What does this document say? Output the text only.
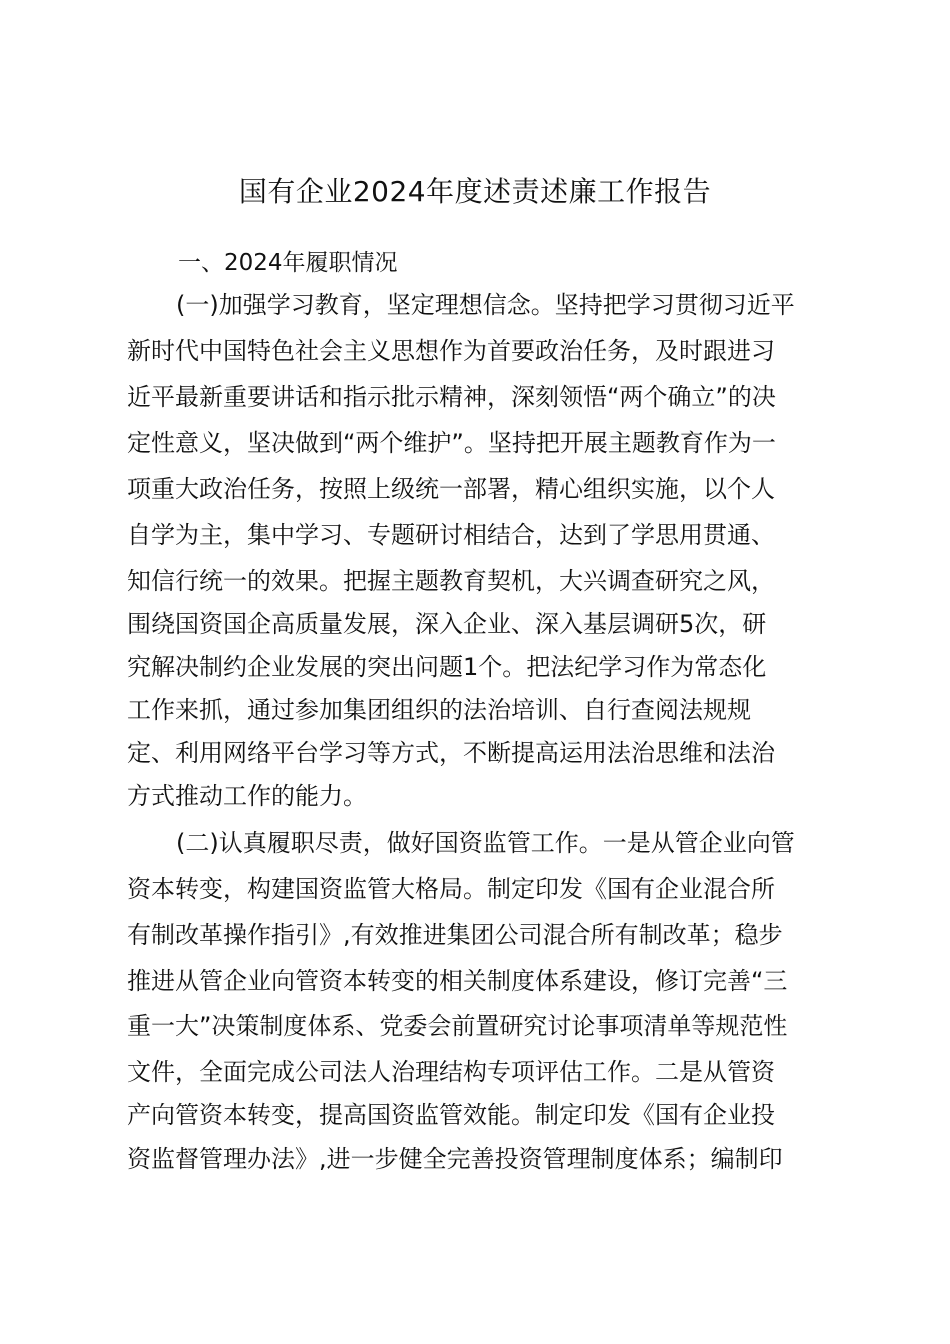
国有企业2024年度述责述廉工作报告
一、2024年履职情况

(一)加强学习教育，坚定理想信念。坚持把学习贯彻习近平

新时代中国特色社会主义思想作为首要政治任务，及时跟进习

近平最新重要讲话和指示批示精神，深刻领悟“两个确立”的决

定性意义，坚决做到“两个维护”。坚持把开展主题教育作为一

项重大政治任务，按照上级统一部署，精心组织实施，以个人

自学为主，集中学习、专题研讨相结合，达到了学思用贯通、

知信行统一的效果。把握主题教育契机，大兴调查研究之风，

围绕国资国企高质量发展，深入企业、深入基层调研5次，研

究解决制约企业发展的突出问题1个。把法纪学习作为常态化

工作来抓，通过参加集团组织的法治培训、自行查阅法规规

定、利用网络平台学习等方式，不断提高运用法治思维和法治

方式推动工作的能力。

(二)认真履职尽责，做好国资监管工作。一是从管企业向管

资本转变，构建国资监管大格局。制定印发《国有企业混合所

有制改革操作指引》,有效推进集团公司混合所有制改革；稳步

推进从管企业向管资本转变的相关制度体系建设，修订完善“三

重一大”决策制度体系、党委会前置研究讨论事项清单等规范性

文件，全面完成公司法人治理结构专项评估工作。二是从管资

产向管资本转变，提高国资监管效能。制定印发《国有企业投

资监督管理办法》,进一步健全完善投资管理制度体系；编制印
